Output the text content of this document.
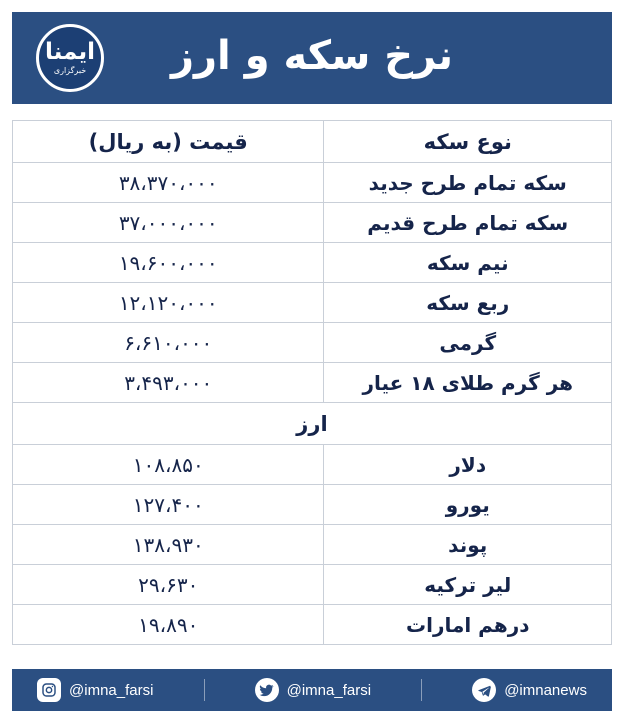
نرخ سکه و ارز
ایمنا
خبرگزاری
نوع سکه	قیمت (به ریال)
سکه تمام طرح جدید	۳۸،۳۷۰،۰۰۰
سکه تمام طرح قدیم	۳۷،۰۰۰،۰۰۰
نیم سکه	۱۹،۶۰۰،۰۰۰
ربع سکه	۱۲،۱۲۰،۰۰۰
گرمی	۶،۶۱۰،۰۰۰
هر گرم طلای ۱۸ عیار	۳،۴۹۳،۰۰۰
ارز	
دلار	۱۰۸،۸۵۰
یورو	۱۲۷،۴۰۰
پوند	۱۳۸،۹۳۰
لیر ترکیه	۲۹،۶۳۰
درهم امارات	۱۹،۸۹۰
@imna_farsi	@imna_farsi	@imnanews
